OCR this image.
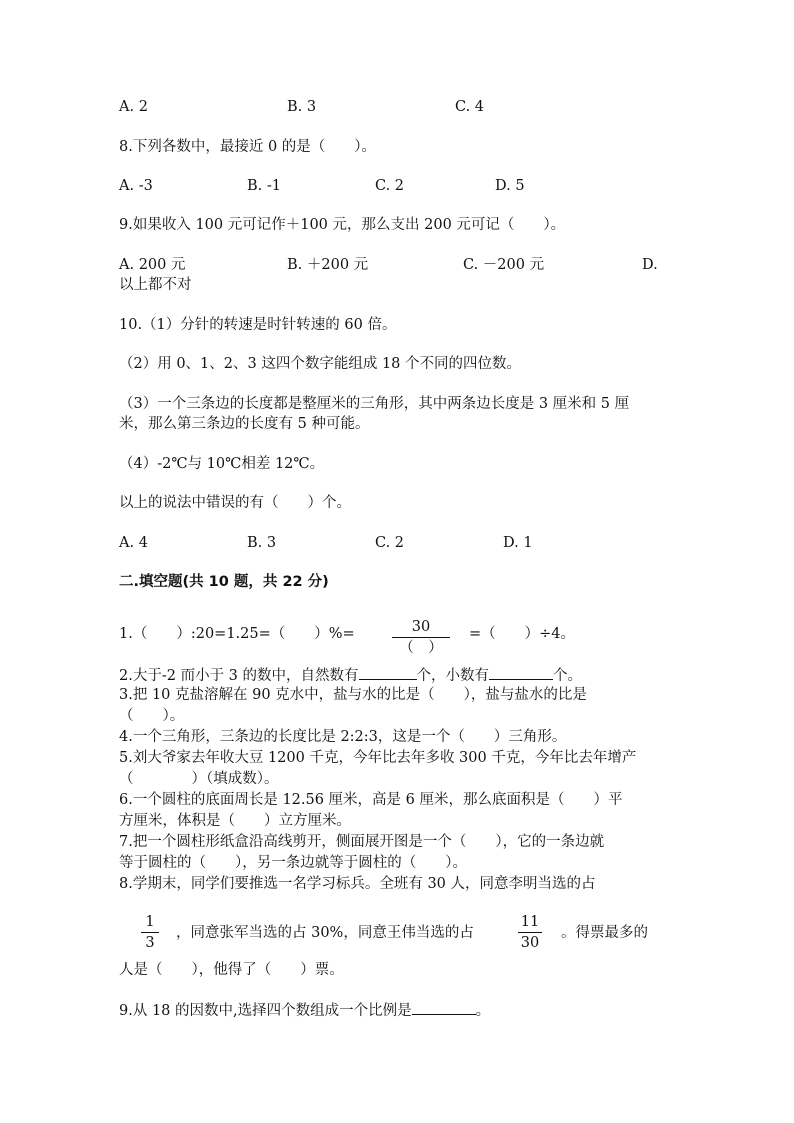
A. 2	B. 3	C. 4
8.下列各数中，最接近 0 的是（　　）。
A. -3	B. -1	C. 2	D. 5
9.如果收入 100 元可记作＋100 元，那么支出 200 元可记（　　）。
A. 200 元	B. ＋200 元	C. －200 元	D.
以上都不对
10.（1）分针的转速是时针转速的 60 倍。
（2）用 0、1、2、3 这四个数字能组成 18 个不同的四位数。
（3）一个三条边的长度都是整厘米的三角形，其中两条边长度是 3 厘米和 5 厘
米，那么第三条边的长度有 5 种可能。
（4）-2℃与 10℃相差 12℃。
以上的说法中错误的有（　　）个。
A. 4	B. 3	C. 2	D. 1
二.填空题(共 10 题，共 22 分)
1.（　　）:20=1.25=（　　）%=	30
（　）
=（　　）÷4。
2.大于-2 而小于 3 的数中，自然数有	个，小数有	个。
3.把 10 克盐溶解在 90 克水中，盐与水的比是（　　），盐与盐水的比是
（　　）。
4.一个三角形，三条边的长度比是 2:2:3，这是一个（　　）三角形。
5.刘大爷家去年收大豆 1200 千克，今年比去年多收 300 千克，今年比去年增产
（　　　　）（填成数）。
6.一个圆柱的底面周长是 12.56 厘米，高是 6 厘米，那么底面积是（　　）平
方厘米，体积是（　　）立方厘米。
7.把一个圆柱形纸盒沿高线剪开，侧面展开图是一个（　　），它的一条边就
等于圆柱的（　　），另一条边就等于圆柱的（　　）。
8.学期末，同学们要推选一名学习标兵。全班有 30 人，同意李明当选的占
1
3
，同意张军当选的占 30%，同意王伟当选的占
11
30
。得票最多的
人是（　　），他得了（　　）票。
9.从 18 的因数中,选择四个数组成一个比例是	。
